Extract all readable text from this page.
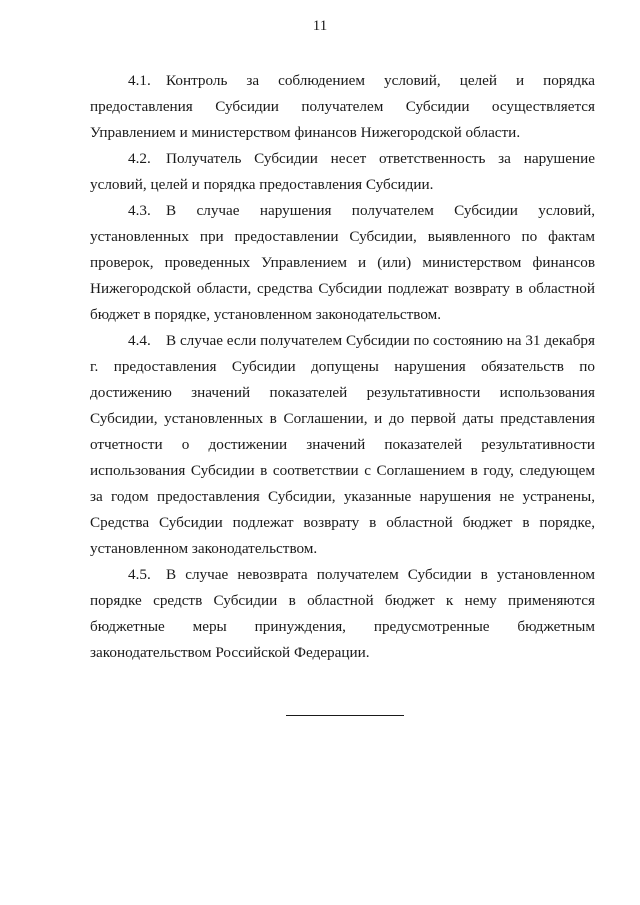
11

4.1. Контроль за соблюдением условий, целей и порядка предоставления Субсидии получателем Субсидии осуществляется Управлением и министерством финансов Нижегородской области.

4.2. Получатель Субсидии несет ответственность за нарушение условий, целей и порядка предоставления Субсидии.

4.3. В случае нарушения получателем Субсидии условий, установленных при предоставлении Субсидии, выявленного по фактам проверок, проведенных Управлением и (или) министерством финансов Нижегородской области, средства Субсидии подлежат возврату в областной бюджет в порядке, установленном законодательством.

4.4. В случае если получателем Субсидии по состоянию на 31 декабря г. предоставления Субсидии допущены нарушения обязательств по достижению значений показателей результативности использования Субсидии, установленных в Соглашении, и до первой даты представления отчетности о достижении значений показателей результативности использования Субсидии в соответствии с Соглашением в году, следующем за годом предоставления Субсидии, указанные нарушения не устранены, Средства Субсидии подлежат возврату в областной бюджет в порядке, установленном законодательством.

4.5. В случае невозврата получателем Субсидии в установленном порядке средств Субсидии в областной бюджет к нему применяются бюджетные меры принуждения, предусмотренные бюджетным законодательством Российской Федерации.
